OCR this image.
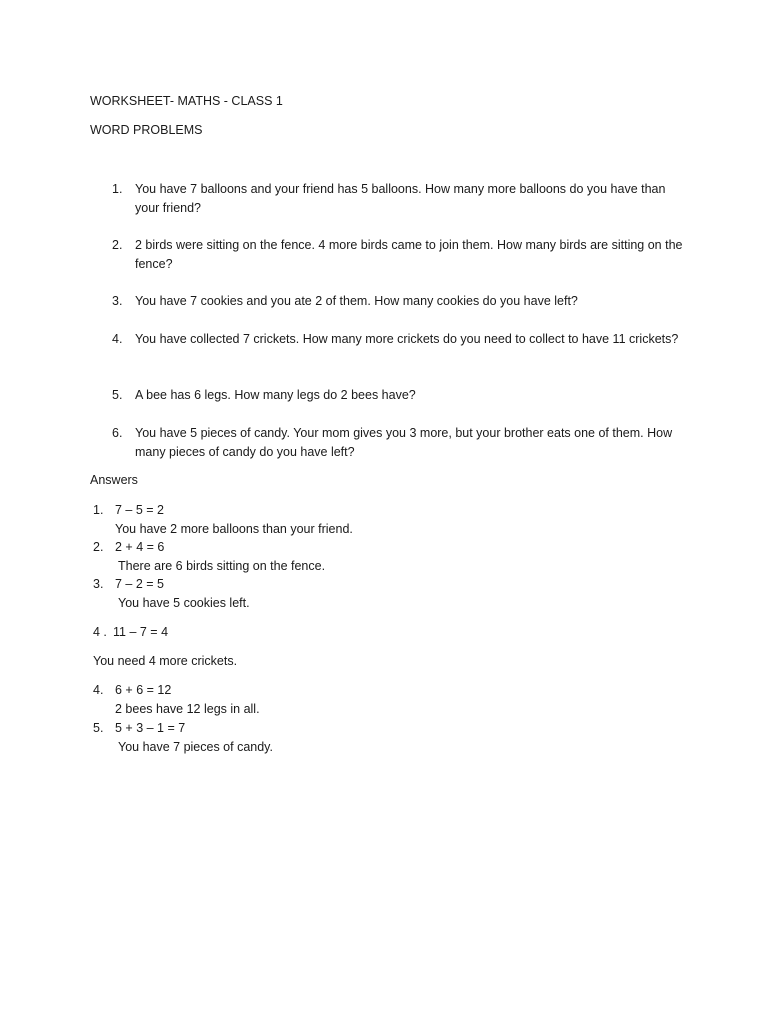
WORKSHEET- MATHS - CLASS 1
WORD PROBLEMS
1. You have 7 balloons and your friend has 5 balloons. How many more balloons do you have than your friend?
2. 2 birds were sitting on the fence. 4 more birds came to join them. How many birds are sitting on the fence?
3. You have 7 cookies and you ate 2 of them. How many cookies do you have left?
4. You have collected 7 crickets. How many more crickets do you need to collect to have 11 crickets?
5. A bee has 6 legs. How many legs do 2 bees have?
6. You have 5 pieces of candy. Your mom gives you 3 more, but your brother eats one of them. How many pieces of candy do you have left?
Answers
1. 7 – 5 = 2
You have 2 more balloons than your friend.
2. 2 + 4 = 6
There are 6 birds sitting on the fence.
3. 7 – 2 = 5
You have 5 cookies left.
4 . 11 – 7 = 4
You need 4 more crickets.
4. 6 + 6 = 12
2 bees have 12 legs in all.
5. 5 + 3 – 1 = 7
You have 7 pieces of candy.
